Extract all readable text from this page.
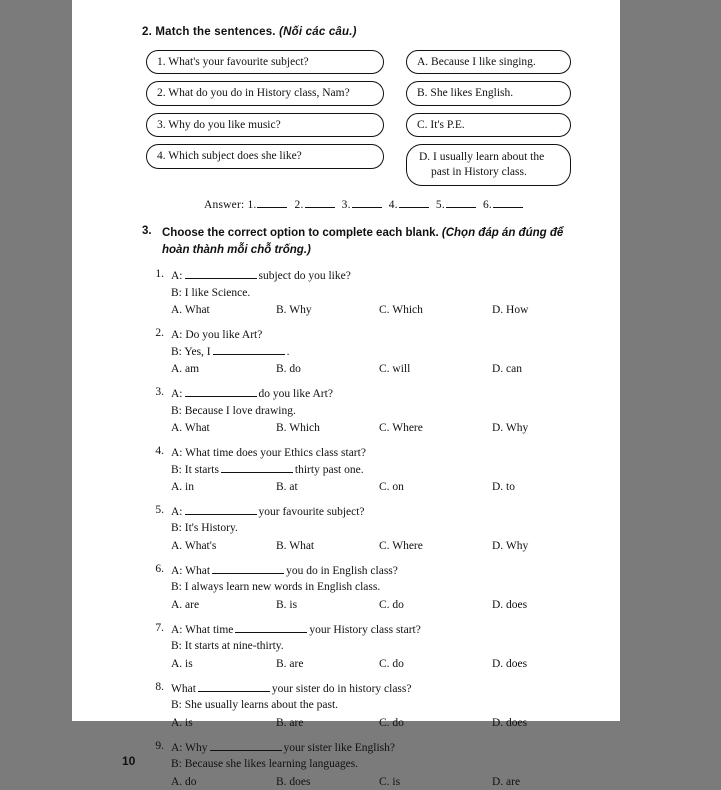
2. Match the sentences. (Nối các câu.)
1. What's your favourite subject?
2. What do you do in History class, Nam?
3. Why do you like music?
4. Which subject does she like?
A. Because I like singing.
B. She likes English.
C. It's P.E.
D. I usually learn about the
past in History class.
Answer: 1.	2.	3.	4.	5.	6.
3. Choose the correct option to complete each blank. (Chọn đáp án đúng để
hoàn thành mỗi chỗ trống.)
1. A:	subject do you like?
B: I like Science.
A. What	B. Why	C. Which	D. How
2. A: Do you like Art?
B: Yes, I	.
A. am	B. do	C. will	D. can
3. A:	do you like Art?
B: Because I love drawing.
A. What	B. Which	C. Where	D. Why
4. A: What time does your Ethics class start?
B: It starts	thirty past one.
A. in	B. at	C. on	D. to
5. A:	your favourite subject?
B: It's History.
A. What's	B. What	C. Where	D. Why
6. A: What	you do in English class?
B: I always learn new words in English class.
A. are	B. is	C. do	D. does
7. A: What time	your History class start?
B: It starts at nine-thirty.
A. is	B. are	C. do	D. does
8. What	your sister do in history class?
B: She usually learns about the past.
A. is	B. are	C. do	D. does
9. A: Why	your sister like English?
B: Because she likes learning languages.
A. do	B. does	C. is	D. are
10
